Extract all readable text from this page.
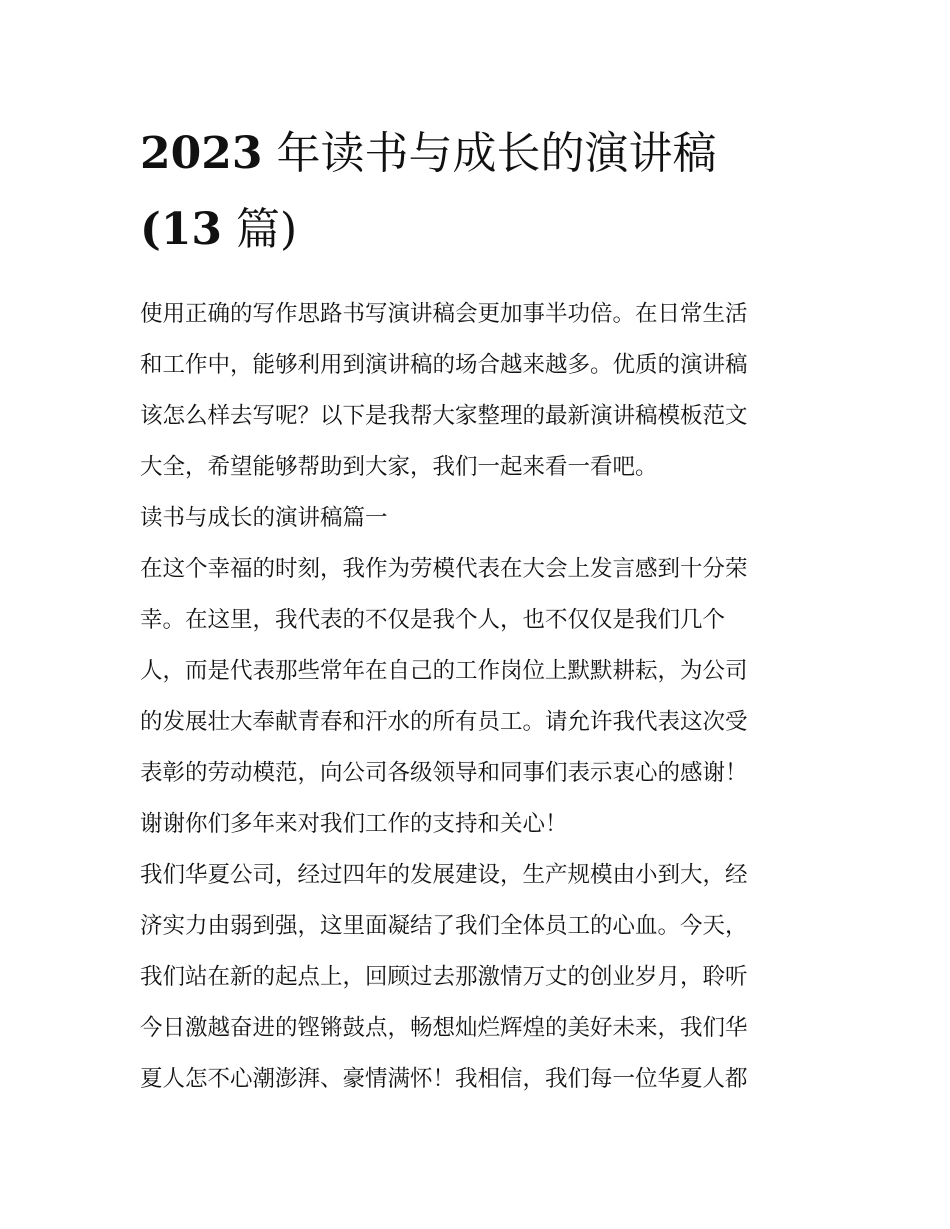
2023 年读书与成长的演讲稿
(13 篇)
使用正确的写作思路书写演讲稿会更加事半功倍。在日常生活
和工作中，能够利用到演讲稿的场合越来越多。优质的演讲稿
该怎么样去写呢？以下是我帮大家整理的最新演讲稿模板范文
大全，希望能够帮助到大家，我们一起来看一看吧。
读书与成长的演讲稿篇一
在这个幸福的时刻，我作为劳模代表在大会上发言感到十分荣
幸。在这里，我代表的不仅是我个人，也不仅仅是我们几个
人，而是代表那些常年在自己的工作岗位上默默耕耘，为公司
的发展壮大奉献青春和汗水的所有员工。请允许我代表这次受
表彰的劳动模范，向公司各级领导和同事们表示衷心的感谢！
谢谢你们多年来对我们工作的支持和关心！
我们华夏公司，经过四年的发展建设，生产规模由小到大，经
济实力由弱到强，这里面凝结了我们全体员工的心血。今天，
我们站在新的起点上，回顾过去那激情万丈的创业岁月，聆听
今日激越奋进的铿锵鼓点，畅想灿烂辉煌的美好未来，我们华
夏人怎不心潮澎湃、豪情满怀！我相信，我们每一位华夏人都
